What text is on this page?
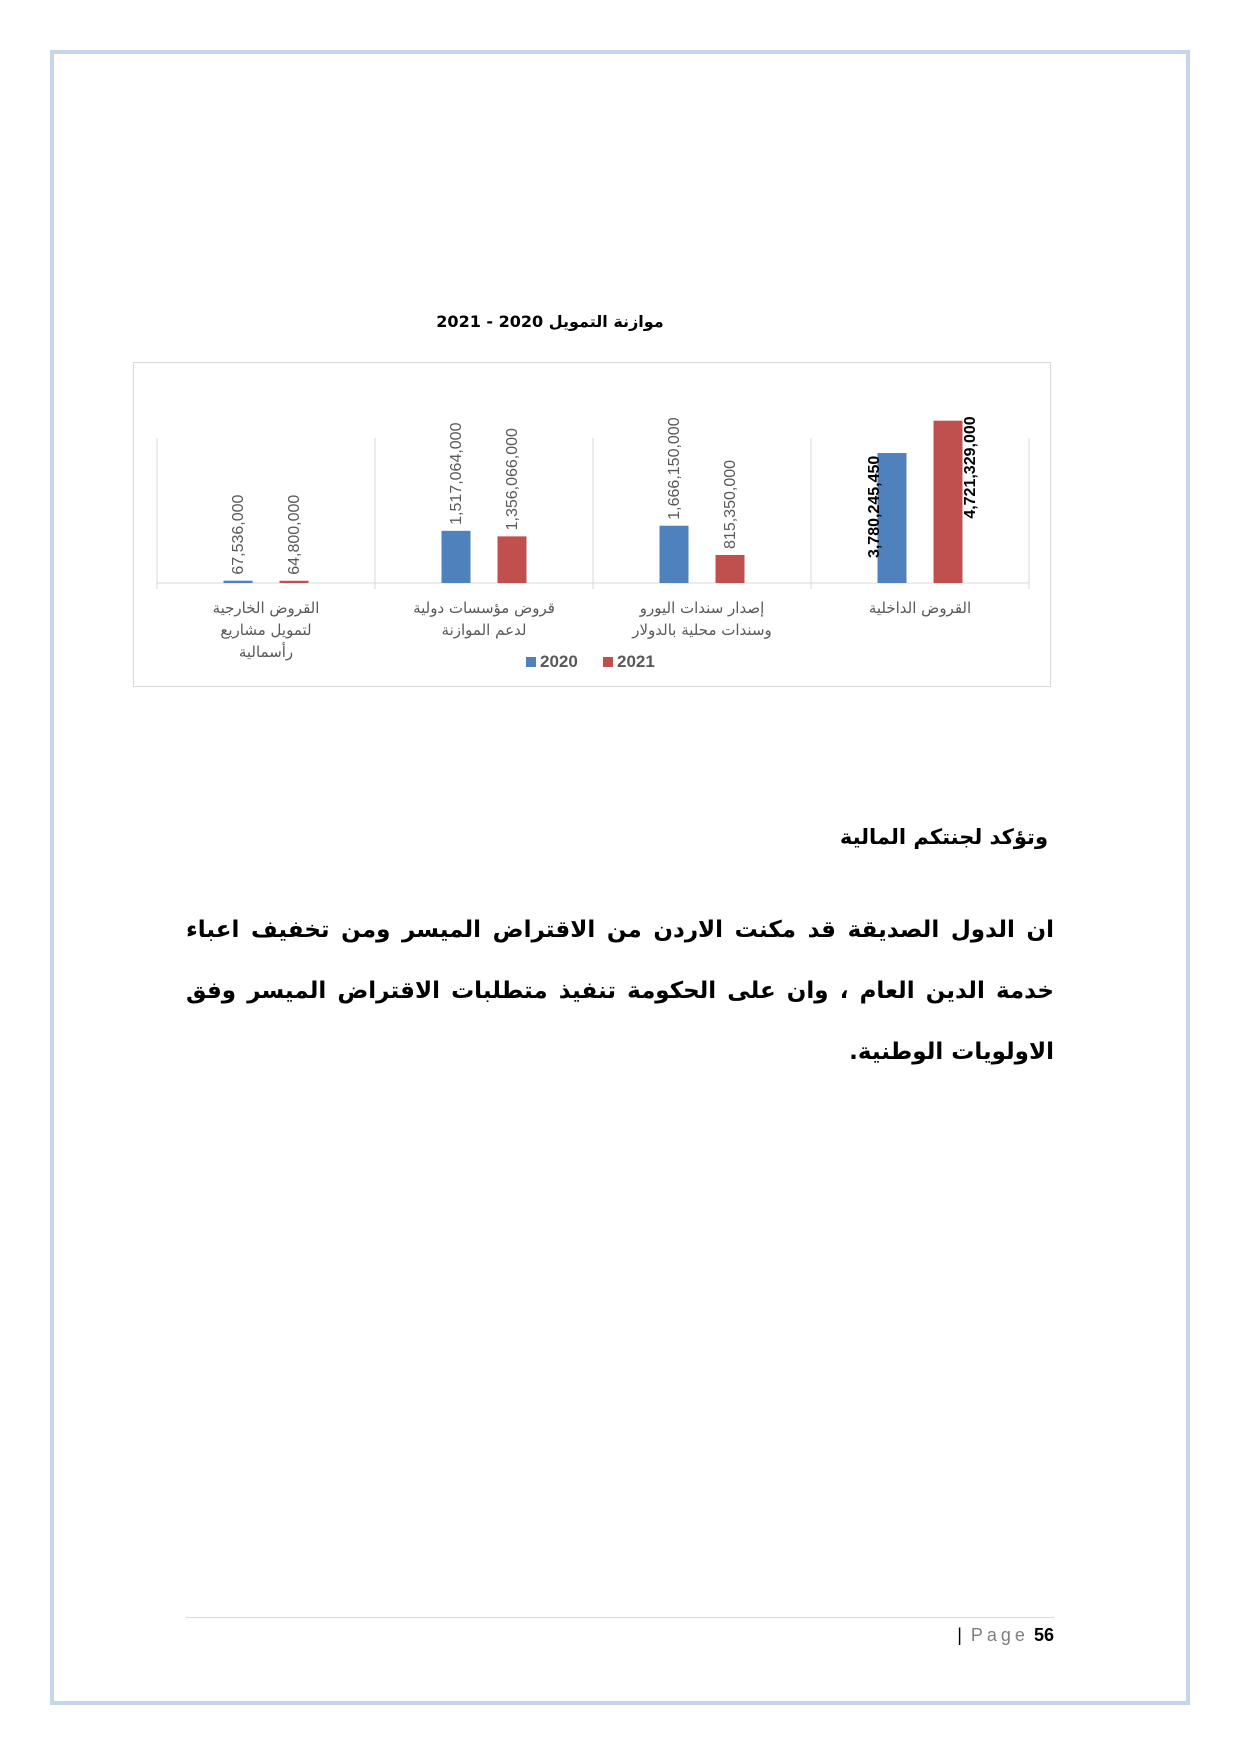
موازنة التمويل 2020 - 2021
3,780,245,450	4,721,329,000
القروض الداخلية
1,666,150,000 815,350,000
إصدار سندات اليورو
وسندات محلية بالدولار
1,517,064,000 1,356,066,000
قروض مؤسسات دولية
لدعم الموازنة
67,536,000 64,800,000
القروض الخارجية
لتمويل مشاريع
رأسمالية	2020 2021
وتؤكد لجنتكم المالية
ان الدول الصديقة قد مكنت الاردن من الاقتراض الميسر ومن تخفيف اعباء خدمة الدين العام ، وان على الحكومة تنفيذ متطلبات الاقتراض الميسر وفق الاولويات الوطنية.
| Page 56
